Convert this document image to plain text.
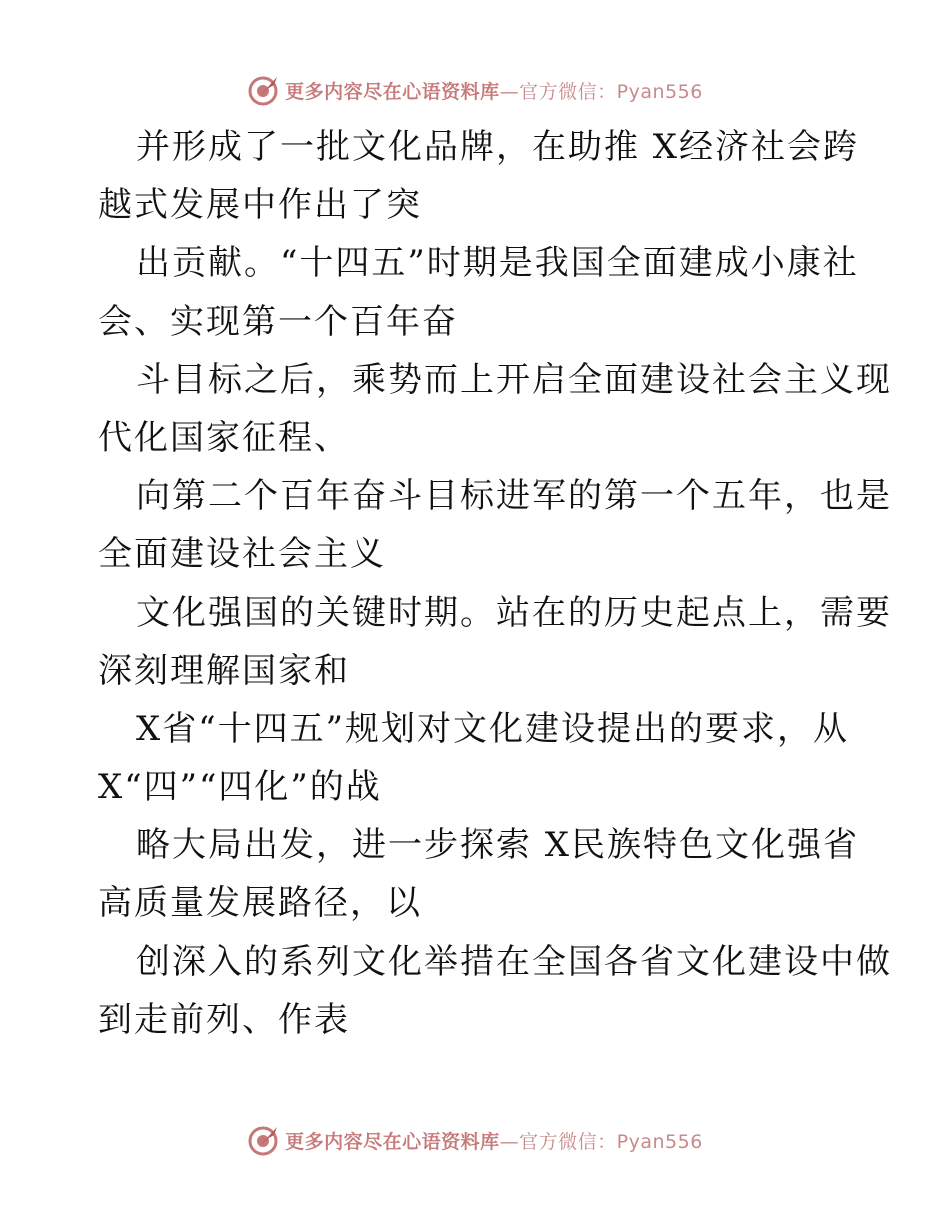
更多内容尽在心语资料库—官方微信：Pyan556
并形成了一批文化品牌，在助推 X经济社会跨
越式发展中作出了突
出贡献。“十四五”时期是我国全面建成小康社
会、实现第一个百年奋
斗目标之后，乘势而上开启全面建设社会主义现
代化国家征程、
向第二个百年奋斗目标进军的第一个五年，也是
全面建设社会主义
文化强国的关键时期。站在的历史起点上，需要
深刻理解国家和
X省“十四五”规划对文化建设提出的要求，从
X“四”“四化”的战
略大局出发，进一步探索 X民族特色文化强省
高质量发展路径，以
创深入的系列文化举措在全国各省文化建设中做
到走前列、作表
更多内容尽在心语资料库—官方微信：Pyan556
